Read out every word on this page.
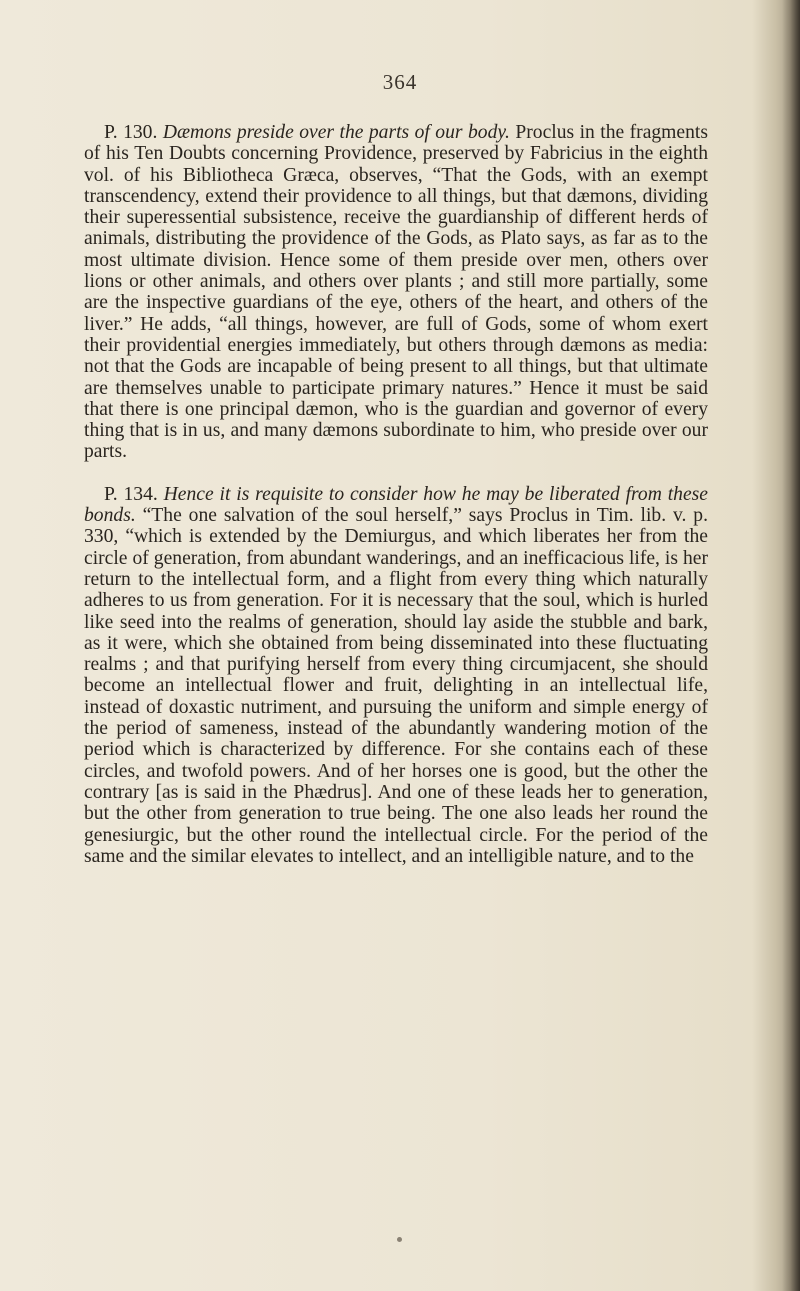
364

P. 130. Dæmons preside over the parts of our body. Proclus in the fragments of his Ten Doubts concerning Providence, preserved by Fabricius in the eighth vol. of his Bibliotheca Græca, observes, “That the Gods, with an exempt transcendency, extend their providence to all things, but that dæmons, dividing their superessential subsistence, receive the guardianship of different herds of animals, distributing the providence of the Gods, as Plato says, as far as to the most ultimate division. Hence some of them preside over men, others over lions or other animals, and others over plants ; and still more partially, some are the inspective guardians of the eye, others of the heart, and others of the liver.” He adds, “all things, however, are full of Gods, some of whom exert their providential energies immediately, but others through dæmons as media: not that the Gods are incapable of being present to all things, but that ultimate are themselves unable to participate primary natures.” Hence it must be said that there is one principal dæmon, who is the guardian and governor of every thing that is in us, and many dæmons subordinate to him, who preside over our parts.

P. 134. Hence it is requisite to consider how he may be liberated from these bonds. “The one salvation of the soul herself,” says Proclus in Tim. lib. v. p. 330, “which is extended by the Demiurgus, and which liberates her from the circle of generation, from abundant wanderings, and an inefficacious life, is her return to the intellectual form, and a flight from every thing which naturally adheres to us from generation. For it is necessary that the soul, which is hurled like seed into the realms of generation, should lay aside the stubble and bark, as it were, which she obtained from being disseminated into these fluctuating realms ; and that purifying herself from every thing circumjacent, she should become an intellectual flower and fruit, delighting in an intellectual life, instead of doxastic nutriment, and pursuing the uniform and simple energy of the period of sameness, instead of the abundantly wandering motion of the period which is characterized by difference. For she contains each of these circles, and twofold powers. And of her horses one is good, but the other the contrary [as is said in the Phædrus]. And one of these leads her to generation, but the other from generation to true being. The one also leads her round the genesiurgic, but the other round the intellectual circle. For the period of the same and the similar elevates to intellect, and an intelligible nature, and to the
